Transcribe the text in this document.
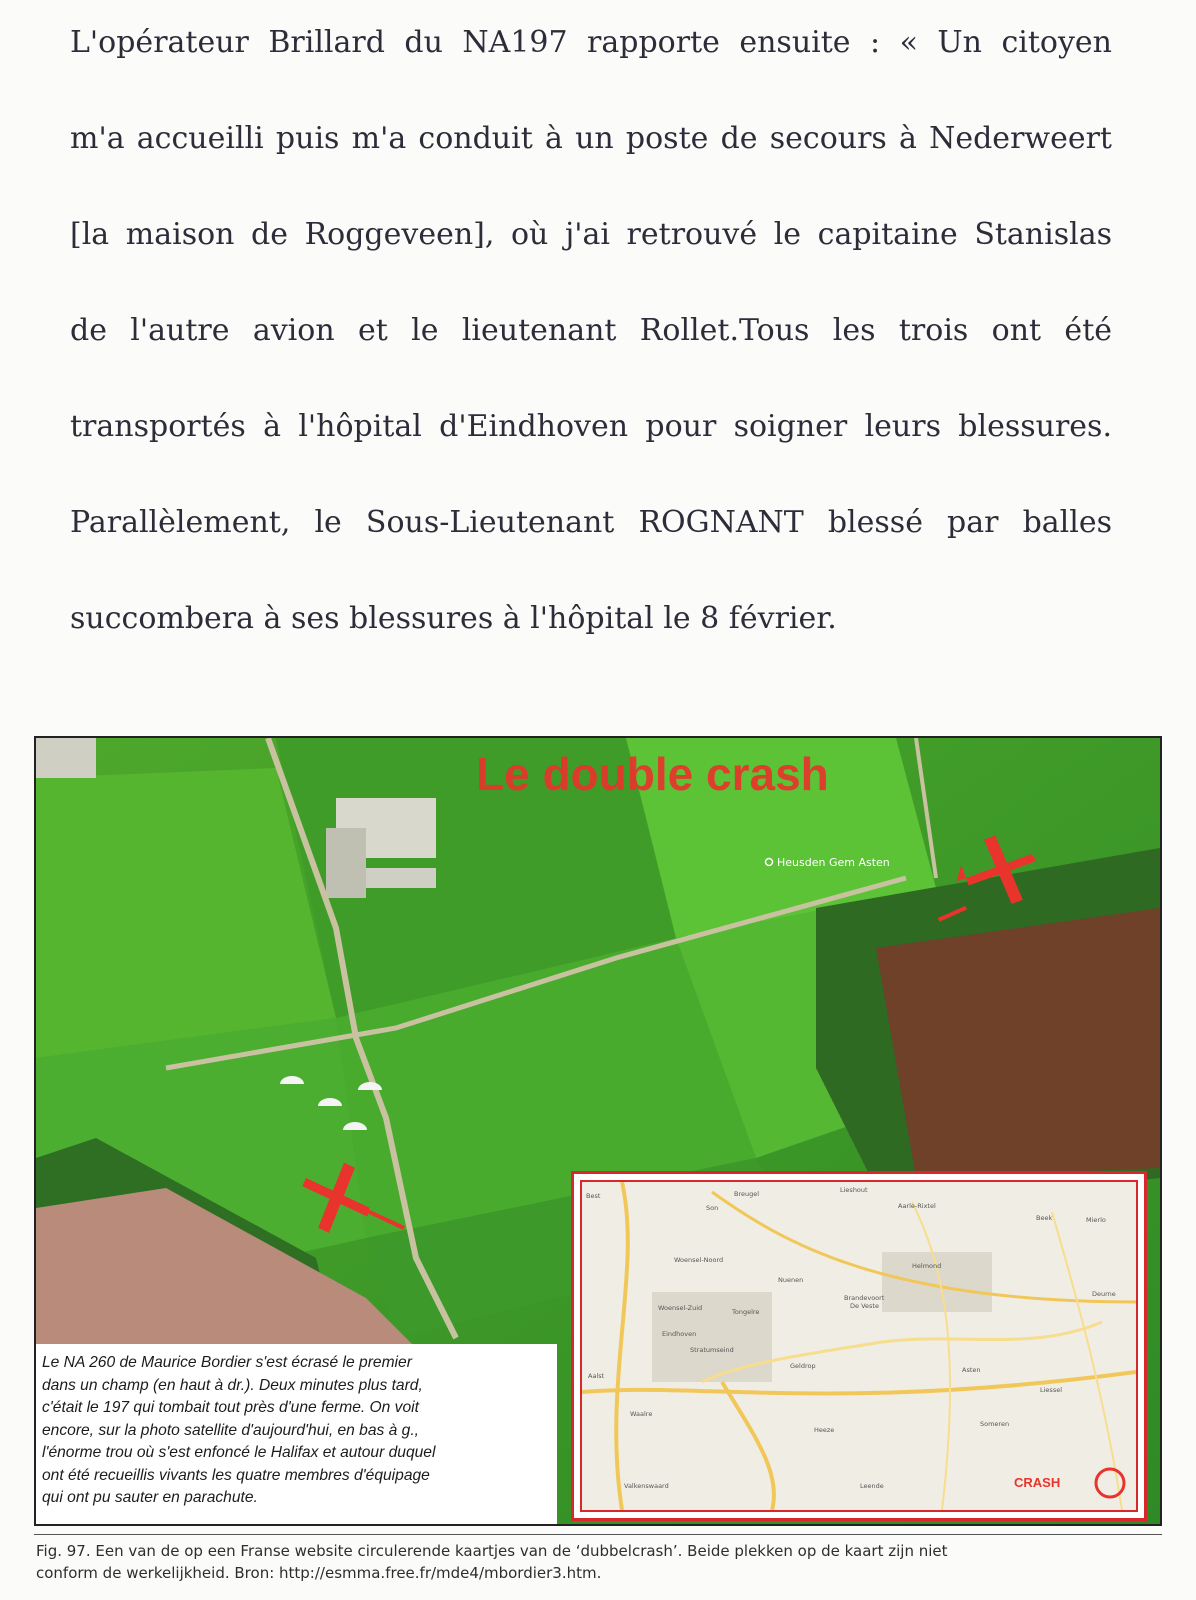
L'opérateur Brillard du NA197 rapporte ensuite : « Un citoyen
m'a accueilli puis m'a conduit à un poste de secours à Nederweert
[la maison de Roggeveen], où j'ai retrouvé le capitaine Stanislas
de l'autre avion et le lieutenant Rollet.Tous les trois ont été
transportés à l'hôpital d'Eindhoven pour soigner leurs blessures.
Parallèlement, le Sous-Lieutenant ROGNANT blessé par balles
succombera à ses blessures à l'hôpital le 8 février.
Le double crash
Heusden Gem Asten
Le NA 260 de Maurice Bordier s'est écrasé le premier
dans un champ (en haut à dr.). Deux minutes plus tard,
c'était le 197 qui tombait tout près d'une ferme. On voit
encore, sur la photo satellite d'aujourd'hui, en bas à g.,
l'énorme trou où s'est enfoncé le Halifax et autour duquel
ont été recueillis vivants les quatre membres d'équipage
qui ont pu sauter en parachute.
Best	Breugel	Lieshout
Aarle-Rixtel
Son
Beek	Mierlo
Woensel-Noord
Helmond
Nuenen
Woensel-Zuid	Tongelre
Brandevoort
De Veste
Deurne
Eindhoven
Stratumseind
Geldrop	Asten
Aalst
Waalre
Heeze
Someren
Valkenswaard	Leende
Liessel
CRASH
Fig. 97. Een van de op een Franse website circulerende kaartjes van de ‘dubbelcrash’. Beide plekken op de kaart zijn niet
conform de werkelijkheid. Bron: http://esmma.free.fr/mde4/mbordier3.htm.
